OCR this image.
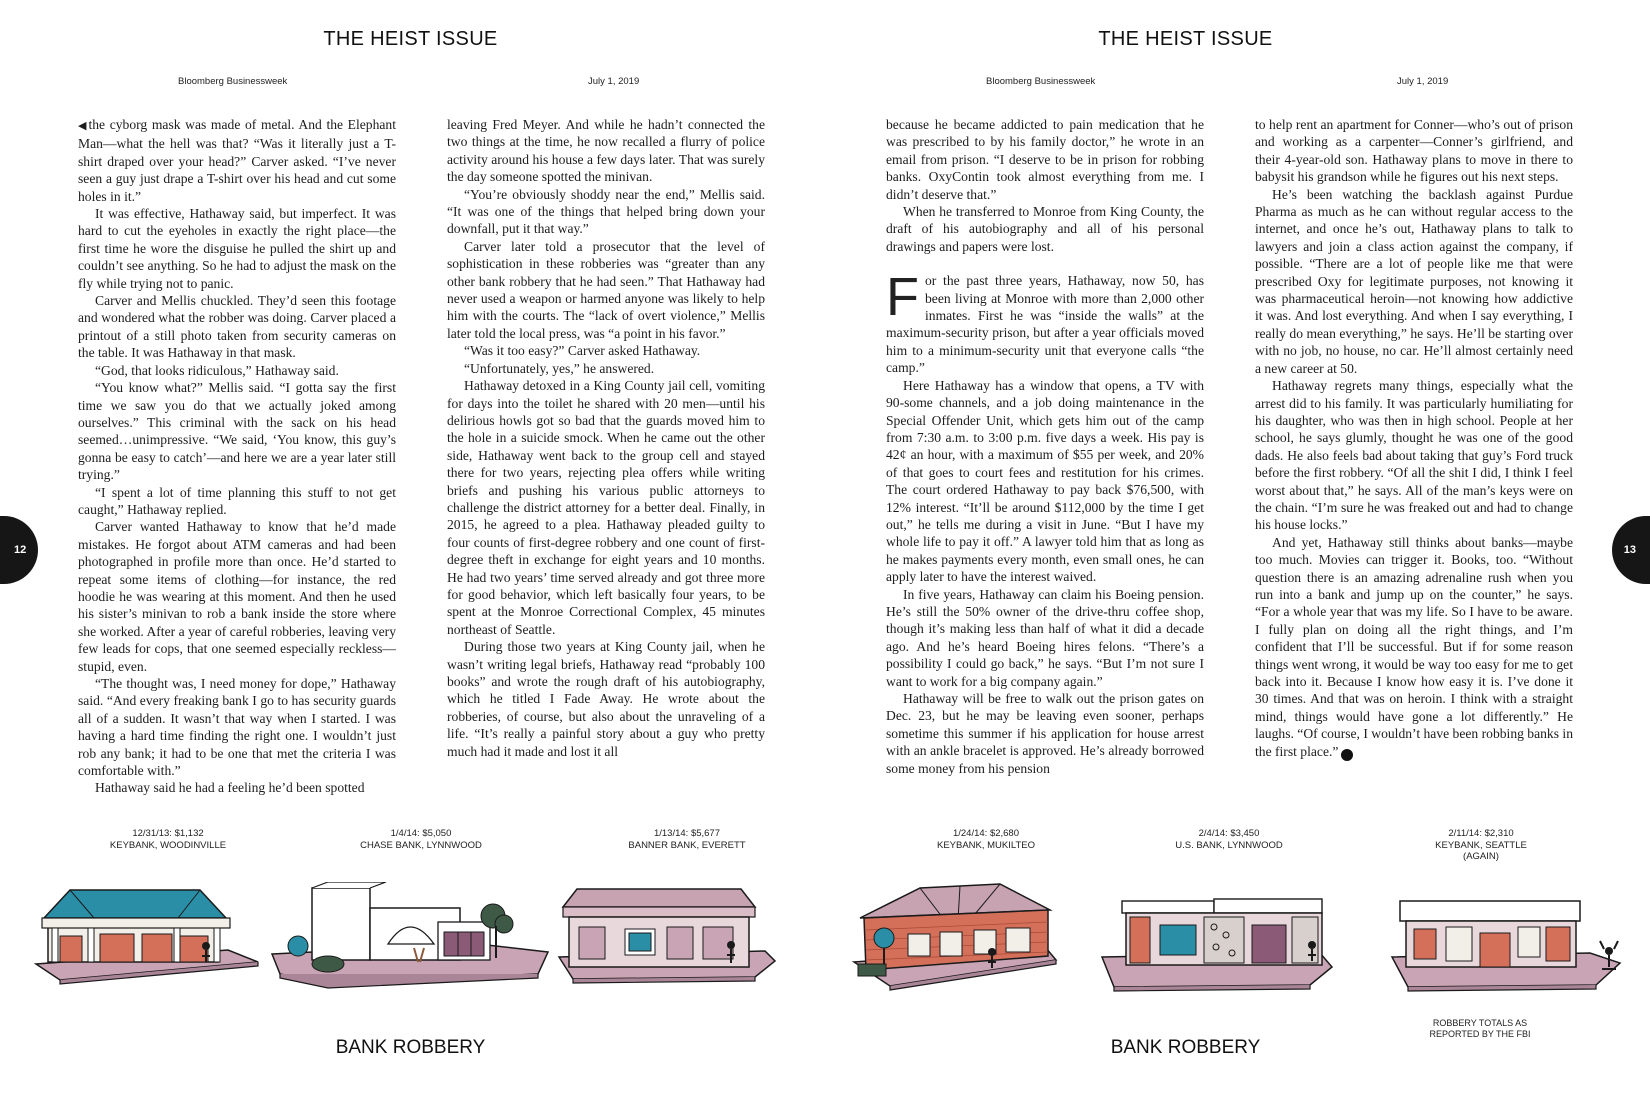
THE HEIST ISSUE
Bloomberg Businessweek	July 1, 2019

◀ the cyborg mask was made of metal. And the Elephant Man—what the hell was that? “Was it literally just a T-shirt draped over your head?” Carver asked. “I’ve never seen a guy just drape a T-shirt over his head and cut some holes in it.”

It was effective, Hathaway said, but imperfect. It was hard to cut the eyeholes in exactly the right place—the first time he wore the disguise he pulled the shirt up and couldn’t see anything. So he had to adjust the mask on the fly while trying not to panic.

Carver and Mellis chuckled. They’d seen this footage and wondered what the robber was doing. Carver placed a printout of a still photo taken from security cameras on the table. It was Hathaway in that mask.

“God, that looks ridiculous,” Hathaway said.

“You know what?” Mellis said. “I gotta say the first time we saw you do that we actually joked among ourselves.” This criminal with the sack on his head seemed…unimpressive. “We said, ‘You know, this guy’s gonna be easy to catch’—and here we are a year later still trying.”

“I spent a lot of time planning this stuff to not get caught,” Hathaway replied.

Carver wanted Hathaway to know that he’d made mistakes. He forgot about ATM cameras and had been photographed in profile more than once. He’d started to repeat some items of clothing—for instance, the red hoodie he was wearing at this moment. And then he used his sister’s minivan to rob a bank inside the store where she worked. After a year of careful robberies, leaving very few leads for cops, that one seemed especially reckless—stupid, even.

“The thought was, I need money for dope,” Hathaway said. “And every freaking bank I go to has security guards all of a sudden. It wasn’t that way when I started. I was having a hard time finding the right one. I wouldn’t just rob any bank; it had to be one that met the criteria I was comfortable with.”

Hathaway said he had a feeling he’d been spotted

leaving Fred Meyer. And while he hadn’t connected the two things at the time, he now recalled a flurry of police activity around his house a few days later. That was surely the day someone spotted the minivan.

“You’re obviously shoddy near the end,” Mellis said. “It was one of the things that helped bring down your downfall, put it that way.”

Carver later told a prosecutor that the level of sophistication in these robberies was “greater than any other bank robbery that he had seen.” That Hathaway had never used a weapon or harmed anyone was likely to help him with the courts. The “lack of overt violence,” Mellis later told the local press, was “a point in his favor.”

“Was it too easy?” Carver asked Hathaway.

“Unfortunately, yes,” he answered.

Hathaway detoxed in a King County jail cell, vomiting for days into the toilet he shared with 20 men—until his delirious howls got so bad that the guards moved him to the hole in a suicide smock. When he came out the other side, Hathaway went back to the group cell and stayed there for two years, rejecting plea offers while writing briefs and pushing his various public attorneys to challenge the district attorney for a better deal. Finally, in 2015, he agreed to a plea. Hathaway pleaded guilty to four counts of first-degree robbery and one count of first-degree theft in exchange for eight years and 10 months. He had two years’ time served already and got three more for good behavior, which left basically four years, to be spent at the Monroe Correctional Complex, 45 minutes northeast of Seattle.

During those two years at King County jail, when he wasn’t writing legal briefs, Hathaway read “probably 100 books” and wrote the rough draft of his autobiography, which he titled I Fade Away. He wrote about the robberies, of course, but also about the unraveling of a life. “It’s really a painful story about a guy who pretty much had it made and lost it all

12
12/31/13: $1,132
KEYBANK, WOODINVILLE
1/4/14: $5,050
CHASE BANK, LYNNWOOD
1/13/14: $5,677
BANNER BANK, EVERETT
BANK ROBBERY
THE HEIST ISSUE
Bloomberg Businessweek	July 1, 2019

because he became addicted to pain medication that he was prescribed to by his family doctor,” he wrote in an email from prison. “I deserve to be in prison for robbing banks. OxyContin took almost everything from me. I didn’t deserve that.”

When he transferred to Monroe from King County, the draft of his autobiography and all of his personal drawings and papers were lost.

For the past three years, Hathaway, now 50, has been living at Monroe with more than 2,000 other inmates. First he was “inside the walls” at the maximum-security prison, but after a year officials moved him to a minimum-security unit that everyone calls “the camp.”

Here Hathaway has a window that opens, a TV with 90-some channels, and a job doing maintenance in the Special Offender Unit, which gets him out of the camp from 7:30 a.m. to 3:00 p.m. five days a week. His pay is 42¢ an hour, with a maximum of $55 per week, and 20% of that goes to court fees and restitution for his crimes. The court ordered Hathaway to pay back $76,500, with 12% interest. “It’ll be around $112,000 by the time I get out,” he tells me during a visit in June. “But I have my whole life to pay it off.” A lawyer told him that as long as he makes payments every month, even small ones, he can apply later to have the interest waived.

In five years, Hathaway can claim his Boeing pension. He’s still the 50% owner of the drive-thru coffee shop, though it’s making less than half of what it did a decade ago. And he’s heard Boeing hires felons. “There’s a possibility I could go back,” he says. “But I’m not sure I want to work for a big company again.”

Hathaway will be free to walk out the prison gates on Dec. 23, but he may be leaving even sooner, perhaps sometime this summer if his application for house arrest with an ankle bracelet is approved. He’s already borrowed some money from his pension

to help rent an apartment for Conner—who’s out of prison and working as a carpenter—Conner’s girlfriend, and their 4-year-old son. Hathaway plans to move in there to babysit his grandson while he figures out his next steps.

He’s been watching the backlash against Purdue Pharma as much as he can without regular access to the internet, and once he’s out, Hathaway plans to talk to lawyers and join a class action against the company, if possible. “There are a lot of people like me that were prescribed Oxy for legitimate purposes, not knowing it was pharmaceutical heroin—not knowing how addictive it was. And lost everything. And when I say everything, I really do mean everything,” he says. He’ll be starting over with no job, no house, no car. He’ll almost certainly need a new career at 50.

Hathaway regrets many things, especially what the arrest did to his family. It was particularly humiliating for his daughter, who was then in high school. People at her school, he says glumly, thought he was one of the good dads. He also feels bad about taking that guy’s Ford truck before the first robbery. “Of all the shit I did, I think I feel worst about that,” he says. All of the man’s keys were on the chain. “I’m sure he was freaked out and had to change his house locks.”

And yet, Hathaway still thinks about banks—maybe too much. Movies can trigger it. Books, too. “Without question there is an amazing adrenaline rush when you run into a bank and jump up on the counter,” he says. “For a whole year that was my life. So I have to be aware. I fully plan on doing all the right things, and I’m confident that I’ll be successful. But if for some reason things went wrong, it would be way too easy for me to get back into it. Because I know how easy it is. I’ve done it 30 times. And that was on heroin. I think with a straight mind, things would have gone a lot differently.” He laughs. “Of course, I wouldn’t have been robbing banks in the first place.”	B

13
1/24/14: $2,680
KEYBANK, MUKILTEO
2/4/14: $3,450
U.S. BANK, LYNNWOOD
2/11/14: $2,310
KEYBANK, SEATTLE
(AGAIN)
ROBBERY TOTALS AS REPORTED BY THE FBI
BANK ROBBERY
